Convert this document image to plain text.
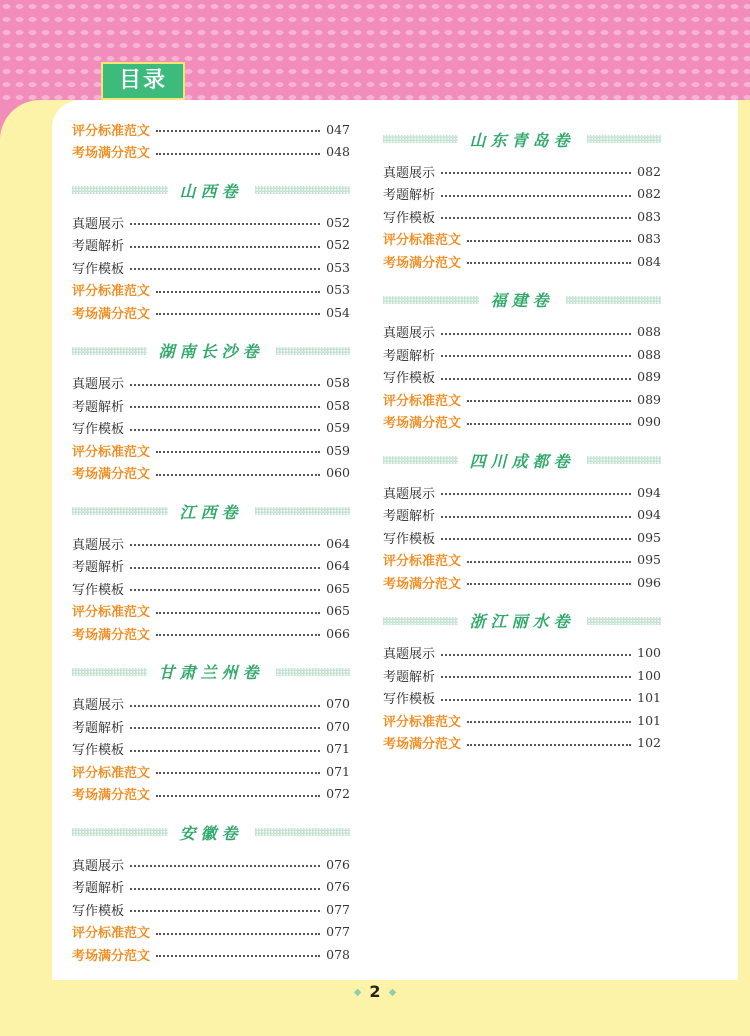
目录
评分标准范文	047
考场满分范文	048
山西卷
真题展示	052
考题解析	052
写作模板	053
评分标准范文	053
考场满分范文	054
湖南长沙卷
真题展示	058
考题解析	058
写作模板	059
评分标准范文	059
考场满分范文	060
江西卷
真题展示	064
考题解析	064
写作模板	065
评分标准范文	065
考场满分范文	066
甘肃兰州卷
真题展示	070
考题解析	070
写作模板	071
评分标准范文	071
考场满分范文	072
安徽卷
真题展示	076
考题解析	076
写作模板	077
评分标准范文	077
考场满分范文	078
山东青岛卷
真题展示	082
考题解析	082
写作模板	083
评分标准范文	083
考场满分范文	084
福建卷
真题展示	088
考题解析	088
写作模板	089
评分标准范文	089
考场满分范文	090
四川成都卷
真题展示	094
考题解析	094
写作模板	095
评分标准范文	095
考场满分范文	096
浙江丽水卷
真题展示	100
考题解析	100
写作模板	101
评分标准范文	101
考场满分范文	102
◆ 2 ◆
